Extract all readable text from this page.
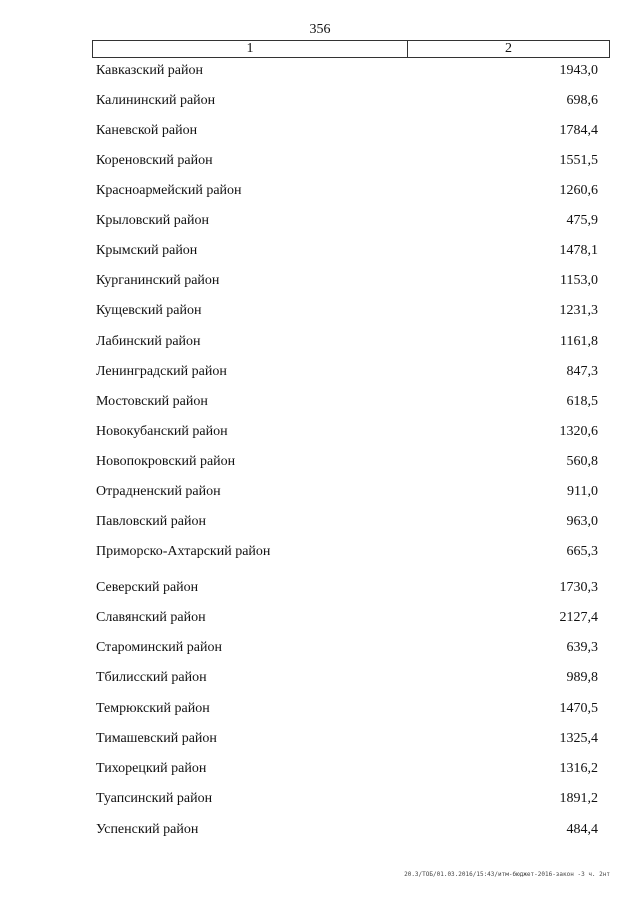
356
1	2
Кавказский район	1943,0
Калининский район	698,6
Каневской район	1784,4
Кореновский район	1551,5
Красноармейский район	1260,6
Крыловский район	475,9
Крымский район	1478,1
Курганинский район	1153,0
Кущевский район	1231,3
Лабинский район	1161,8
Ленинградский район	847,3
Мостовский район	618,5
Новокубанский район	1320,6
Новопокровский район	560,8
Отрадненский район	911,0
Павловский район	963,0
Приморско-Ахтарский район	665,3
Северский район	1730,3
Славянский район	2127,4
Староминский район	639,3
Тбилисский район	989,8
Темрюкский район	1470,5
Тимашевский район	1325,4
Тихорецкий район	1316,2
Туапсинский район	1891,2
Успенский район	484,4
20.3/ТОБ/01.03.2016/15:43/итм-бюджет-2016-закон -3 ч. 2нт
